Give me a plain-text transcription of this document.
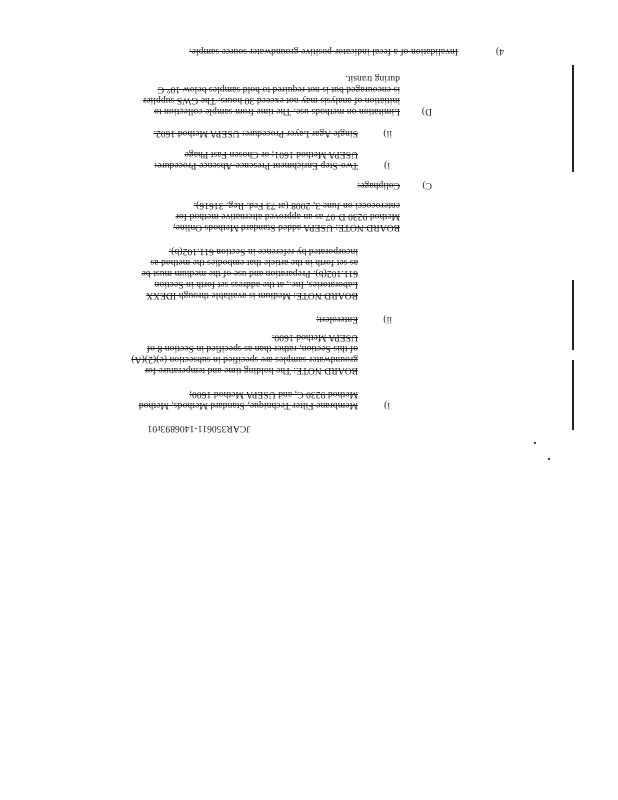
JCAR350611-1406893r01
i)
Membrane Filter Technique, Standard Methods, Method
Method 9230 C, and USEPA Method 1600;
BOARD NOTE: The holding time and temperature for
groundwater samples are specified in subsection (e)(2)(A)
of this Section, rather than as specified in Section 8 of
USEPA Method 1600.
ii)
Enterolert;
BOARD NOTE: Medium is available through IDEXX
Laboratories, Inc., at the address set forth in Section
611.102(b). Preparation and use of the medium must be
as set forth in the article that embodies the method as
incorporated by reference in Section 611.102(b).
BOARD NOTE: USEPA added Standard Methods Online,
Method 9230 D-07 as an approved alternative method for
enterococci on June 3, 2008 (at 73 Fed. Reg. 31616).
C)
Coliphage:
i)
Two-Step Enrichment Presence-Absence Procedure:
USEPA Method 1601; or Chosen Fast Phage
ii)
Single Agar Layer Procedure: USEPA Method 1602.
D)
Limitation on methods use. The time from sample collection to
initiation of analysis may not exceed 30 hours. The GWS supplier
is encouraged but is not required to hold samples below 10° C
during transit.
4)
Invalidation of a fecal indicator-positive groundwater source sample.
